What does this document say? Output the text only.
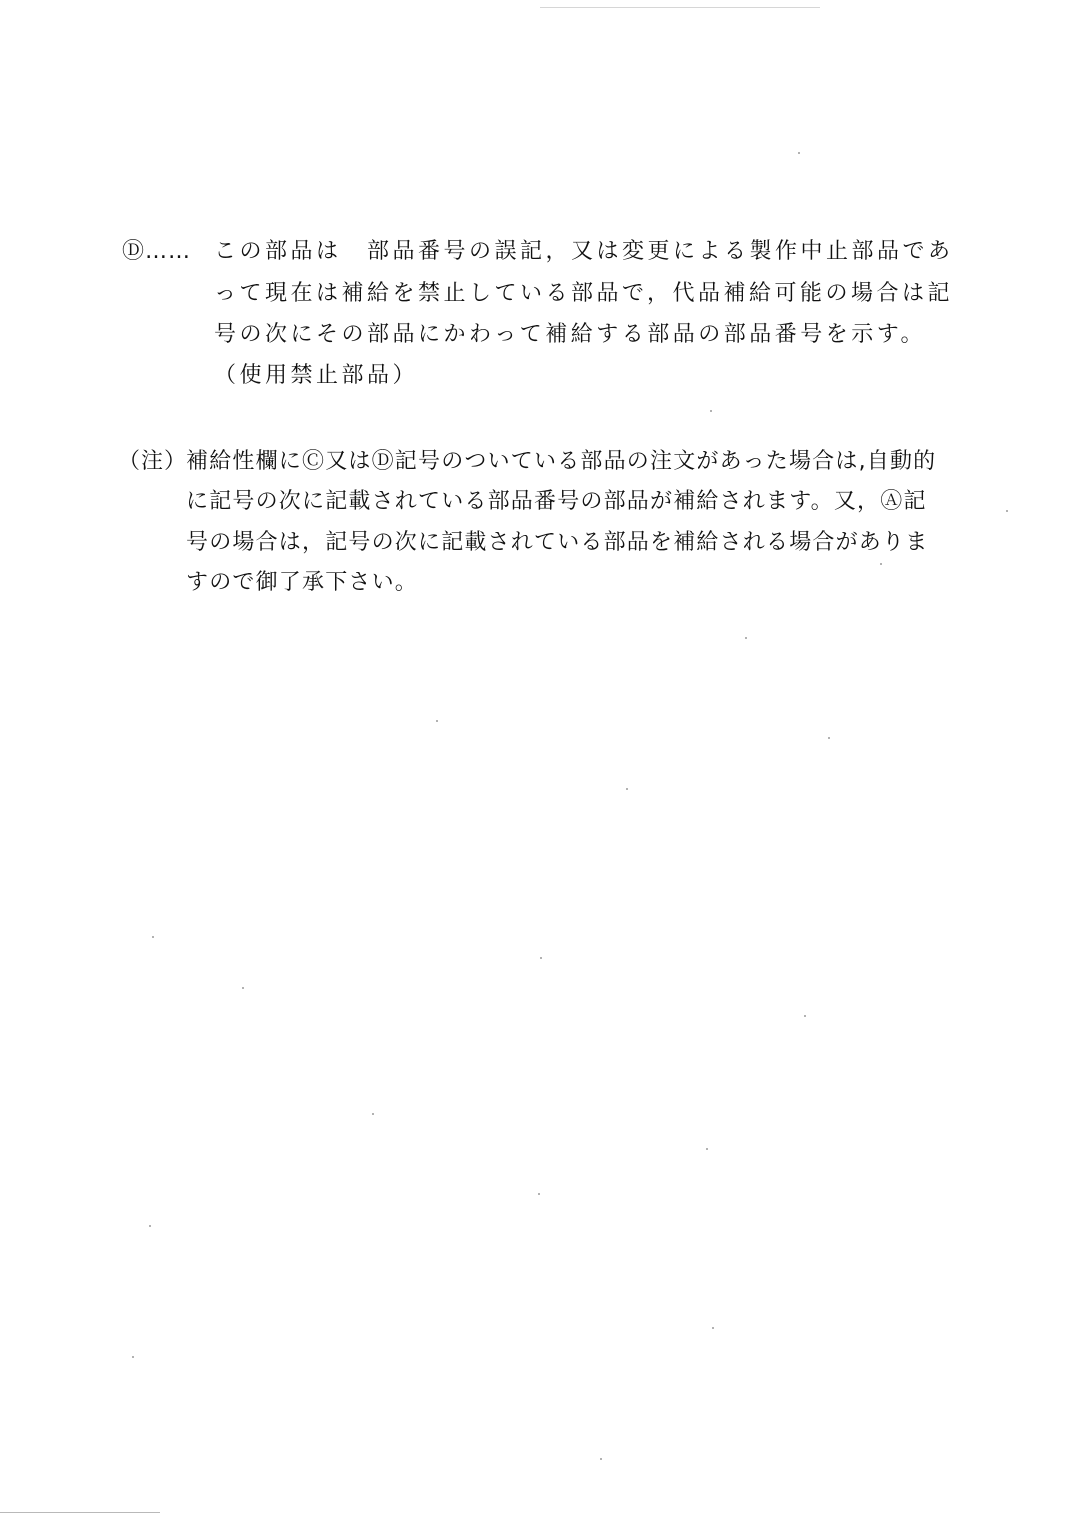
Ⓓ…… この部品は　部品番号の誤記，又は変更による製作中止部品であ
って現在は補給を禁止している部品で，代品補給可能の場合は記
号の次にその部品にかわって補給する部品の部品番号を示す。
（使用禁止部品）
（注）
補給性欄にⒸ又はⒹ記号のついている部品の注文があった場合は,自動的
に記号の次に記載されている部品番号の部品が補給されます。又，Ⓐ記
号の場合は，記号の次に記載されている部品を補給される場合がありま
すので御了承下さい。
